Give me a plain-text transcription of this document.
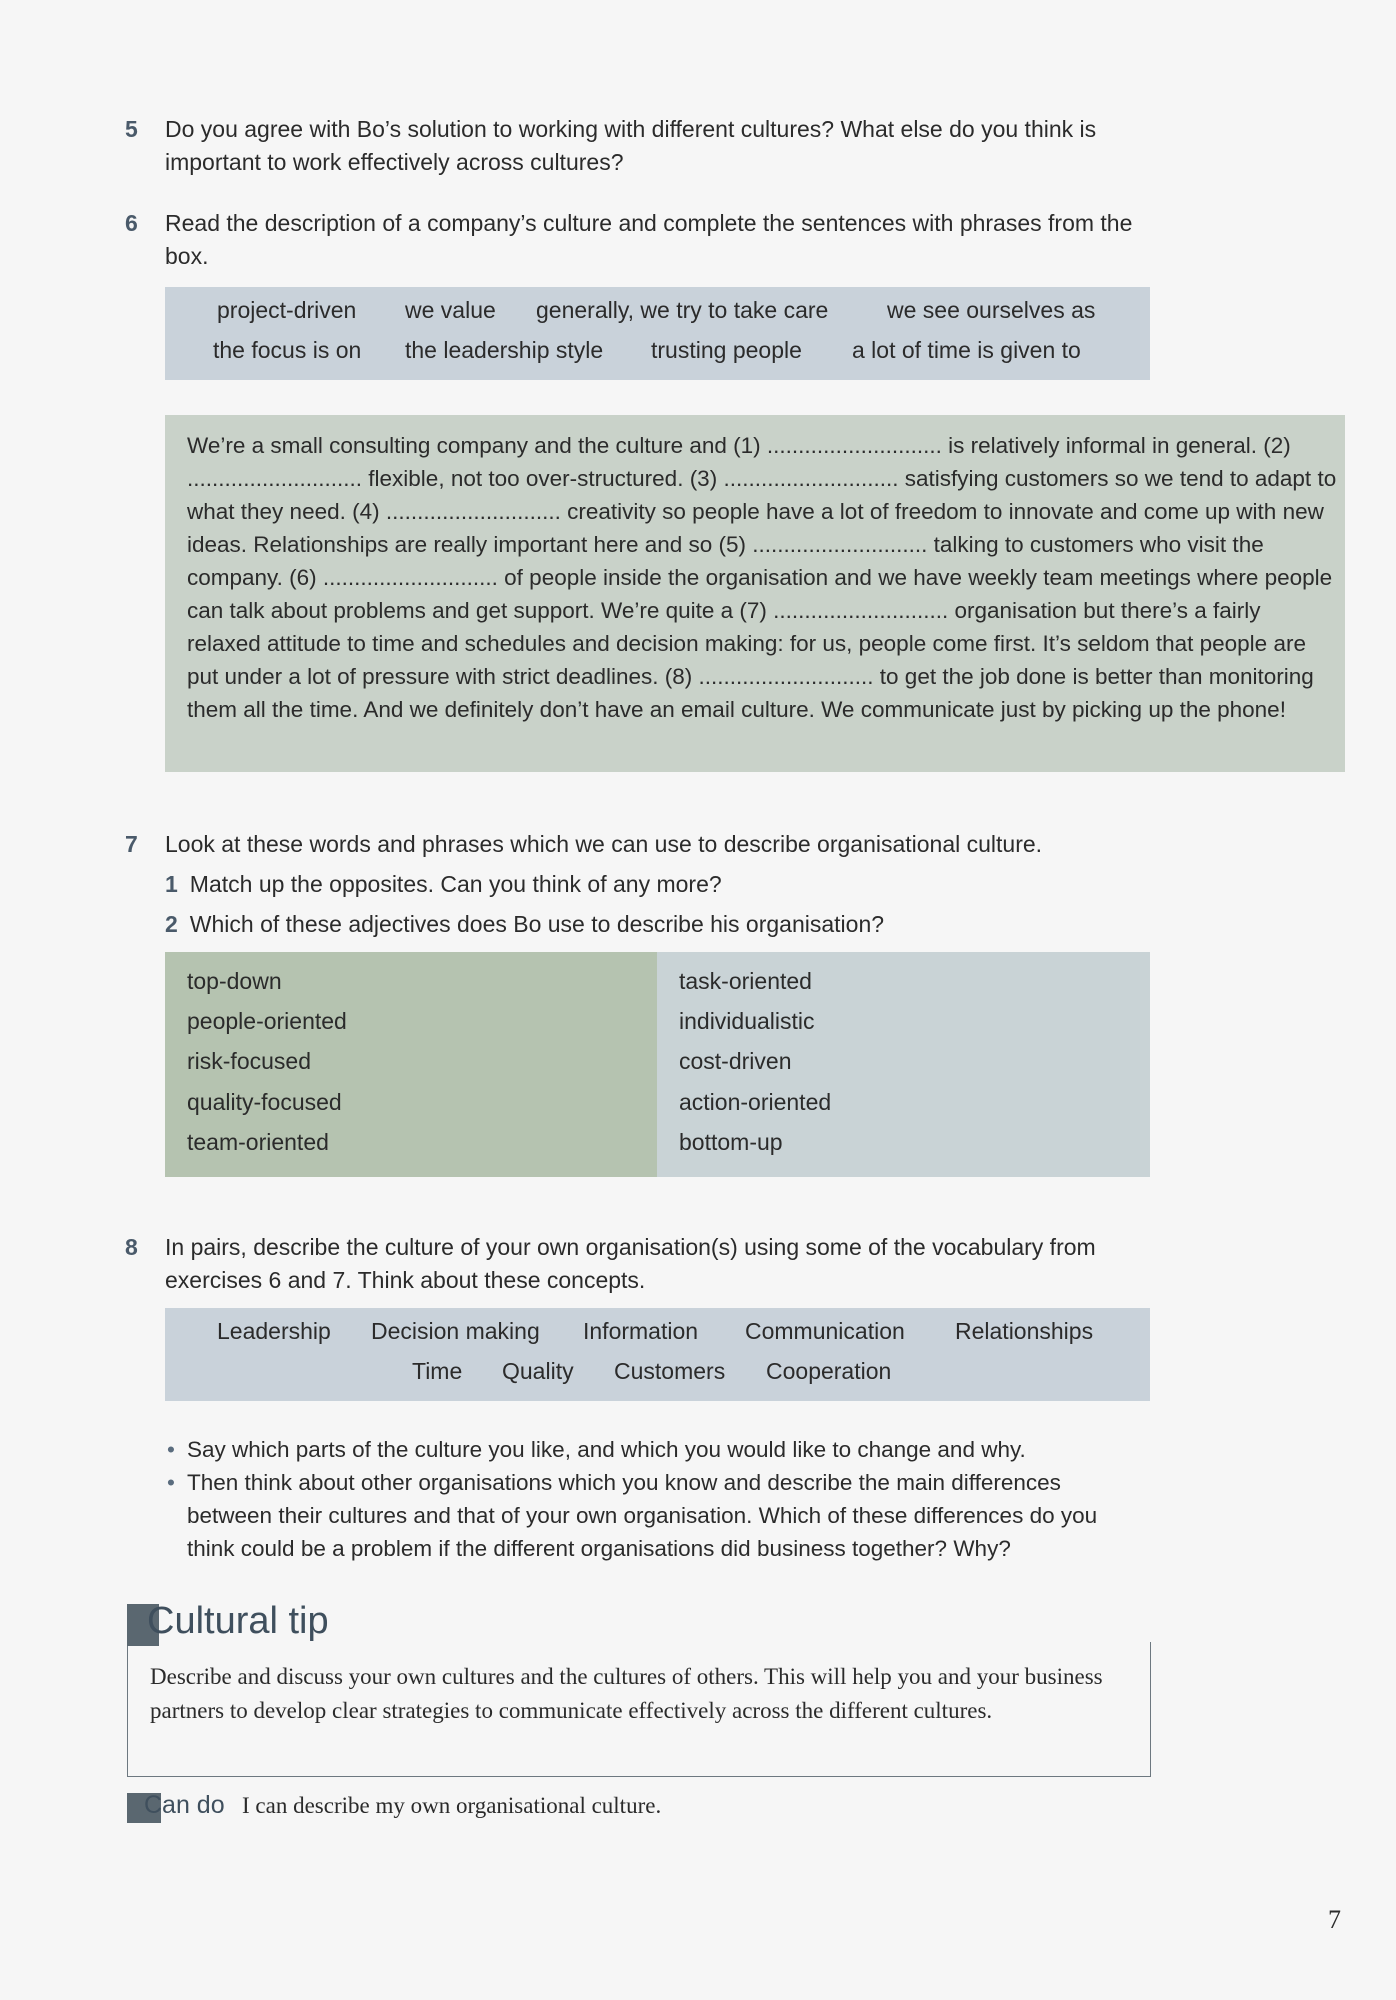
5 Do you agree with Bo’s solution to working with different cultures? What else do you think is important to work effectively across cultures?
6 Read the description of a company’s culture and complete the sentences with phrases from the box.
project-driven we value generally, we try to take care	we see ourselves as
the focus is on the leadership style trusting people a lot of time is given to

We’re a small consulting company and the culture and (1) ............................ is relatively informal in general. (2) ............................ flexible, not too over-structured. (3) ............................ satisfying customers so we tend to adapt to what they need. (4) ............................ creativity so people have a lot of freedom to innovate and come up with new ideas. Relationships are really important here and so (5) ............................ talking to customers who visit the company. (6) ............................ of people inside the organisation and we have weekly team meetings where people can talk about problems and get support. We’re quite a (7) ............................ organisation but there’s a fairly relaxed attitude to time and schedules and decision making: for us, people come first. It’s seldom that people are put under a lot of pressure with strict deadlines. (8) ............................ to get the job done is better than monitoring them all the time. And we definitely don’t have an email culture. We communicate just by picking up the phone!

7 Look at these words and phrases which we can use to describe organisational culture.
1 Match up the opposites. Can you think of any more?
2 Which of these adjectives does Bo use to describe his organisation?
top-down
people-oriented
risk-focused
quality-focused
team-oriented
task-oriented
individualistic
cost-driven
action-oriented
bottom-up
8 In pairs, describe the culture of your own organisation(s) using some of the vocabulary from exercises 6 and 7. Think about these concepts.
Leadership Decision making Information Communication Relationships
Time Quality Customers Cooperation
• Say which parts of the culture you like, and which you would like to change and why.
• Then think about other organisations which you know and describe the main differences between their cultures and that of your own organisation. Which of these differences do you think could be a problem if the different organisations did business together? Why?

Describe and discuss your own cultures and the cultures of others. This will help you and your business partners to develop clear strategies to communicate effectively across the different cultures.

Cultural tip
Can do I can describe my own organisational culture.
7
